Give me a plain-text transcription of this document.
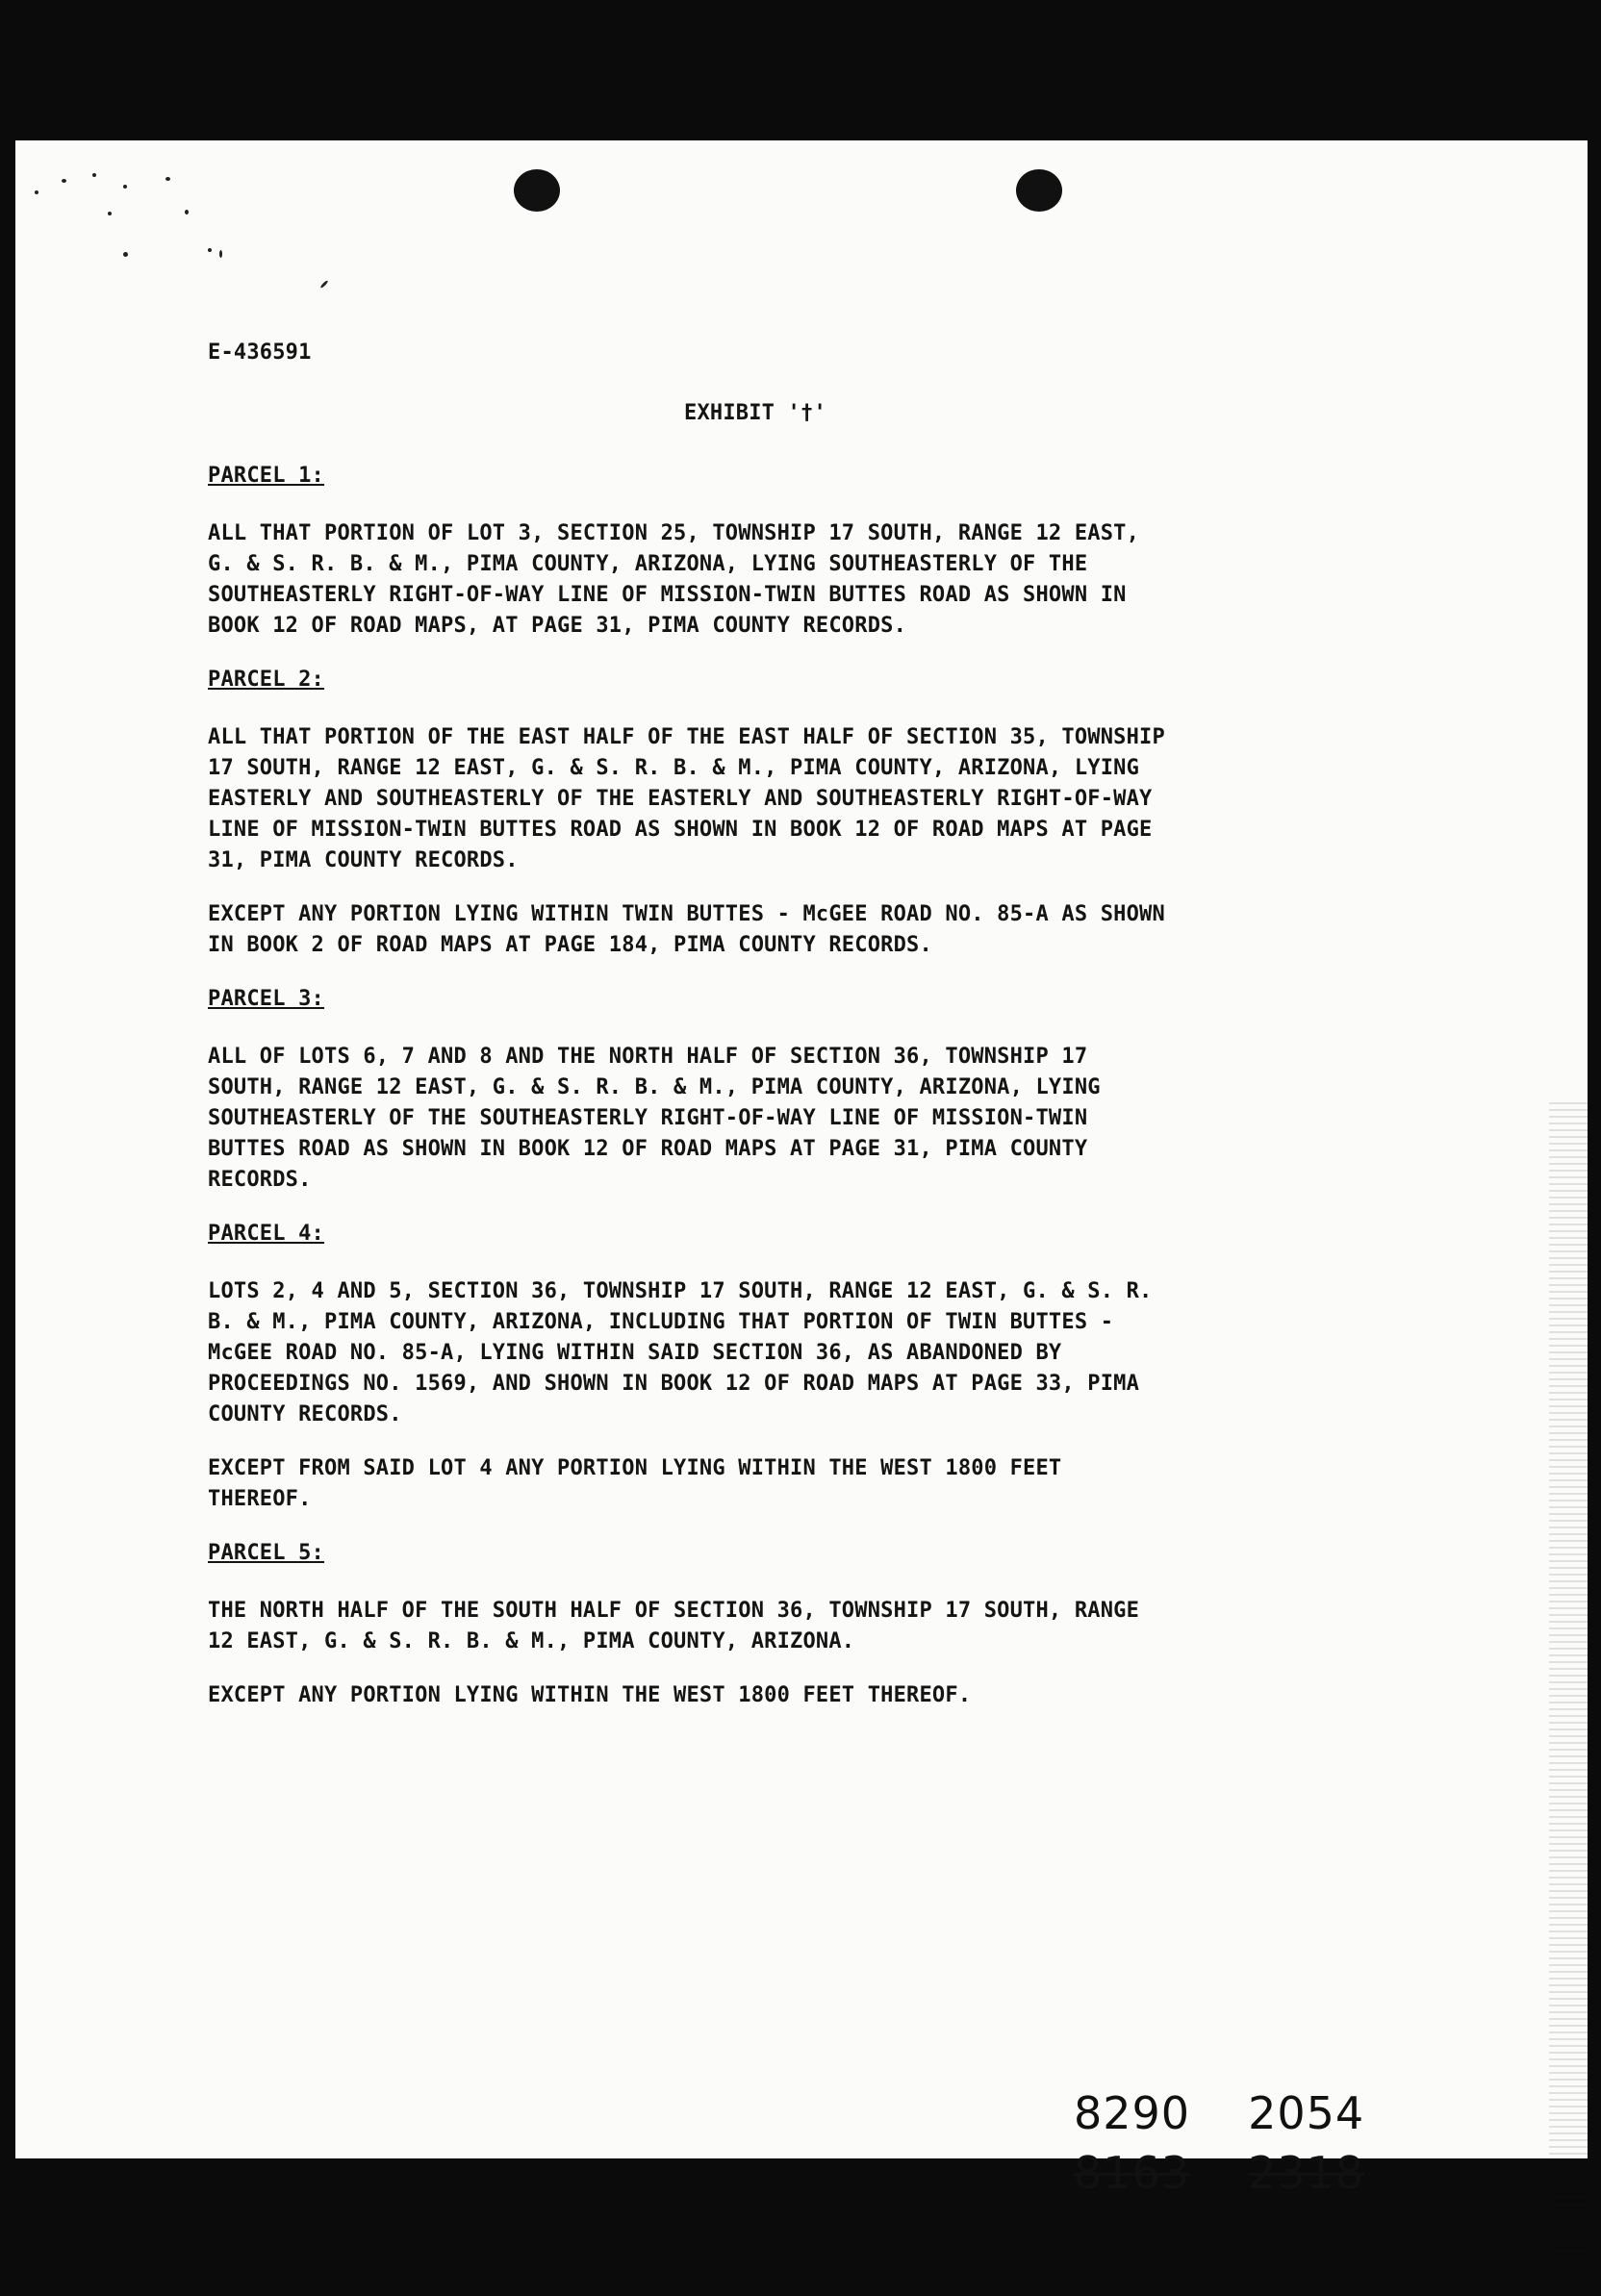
E-436591
EXHIBIT '†'
PARCEL 1:
ALL THAT PORTION OF LOT 3, SECTION 25, TOWNSHIP 17 SOUTH, RANGE 12 EAST,
G. & S. R. B. & M., PIMA COUNTY, ARIZONA, LYING SOUTHEASTERLY OF THE
SOUTHEASTERLY RIGHT-OF-WAY LINE OF MISSION-TWIN BUTTES ROAD AS SHOWN IN
BOOK 12 OF ROAD MAPS, AT PAGE 31, PIMA COUNTY RECORDS.
PARCEL 2:
ALL THAT PORTION OF THE EAST HALF OF THE EAST HALF OF SECTION 35, TOWNSHIP
17 SOUTH, RANGE 12 EAST, G. & S. R. B. & M., PIMA COUNTY, ARIZONA, LYING
EASTERLY AND SOUTHEASTERLY OF THE EASTERLY AND SOUTHEASTERLY RIGHT-OF-WAY
LINE OF MISSION-TWIN BUTTES ROAD AS SHOWN IN BOOK 12 OF ROAD MAPS AT PAGE
31, PIMA COUNTY RECORDS.
EXCEPT ANY PORTION LYING WITHIN TWIN BUTTES - McGEE ROAD NO. 85-A AS SHOWN
IN BOOK 2 OF ROAD MAPS AT PAGE 184, PIMA COUNTY RECORDS.
PARCEL 3:
ALL OF LOTS 6, 7 AND 8 AND THE NORTH HALF OF SECTION 36, TOWNSHIP 17
SOUTH, RANGE 12 EAST, G. & S. R. B. & M., PIMA COUNTY, ARIZONA, LYING
SOUTHEASTERLY OF THE SOUTHEASTERLY RIGHT-OF-WAY LINE OF MISSION-TWIN
BUTTES ROAD AS SHOWN IN BOOK 12 OF ROAD MAPS AT PAGE 31, PIMA COUNTY
RECORDS.
PARCEL 4:
LOTS 2, 4 AND 5, SECTION 36, TOWNSHIP 17 SOUTH, RANGE 12 EAST, G. & S. R.
B. & M., PIMA COUNTY, ARIZONA, INCLUDING THAT PORTION OF TWIN BUTTES -
McGEE ROAD NO. 85-A, LYING WITHIN SAID SECTION 36, AS ABANDONED BY
PROCEEDINGS NO. 1569, AND SHOWN IN BOOK 12 OF ROAD MAPS AT PAGE 33, PIMA
COUNTY RECORDS.
EXCEPT FROM SAID LOT 4 ANY PORTION LYING WITHIN THE WEST 1800 FEET
THEREOF.
PARCEL 5:
THE NORTH HALF OF THE SOUTH HALF OF SECTION 36, TOWNSHIP 17 SOUTH, RANGE
12 EAST, G. & S. R. B. & M., PIMA COUNTY, ARIZONA.
EXCEPT ANY PORTION LYING WITHIN THE WEST 1800 FEET THEREOF.
8290 2054
8163 2318
